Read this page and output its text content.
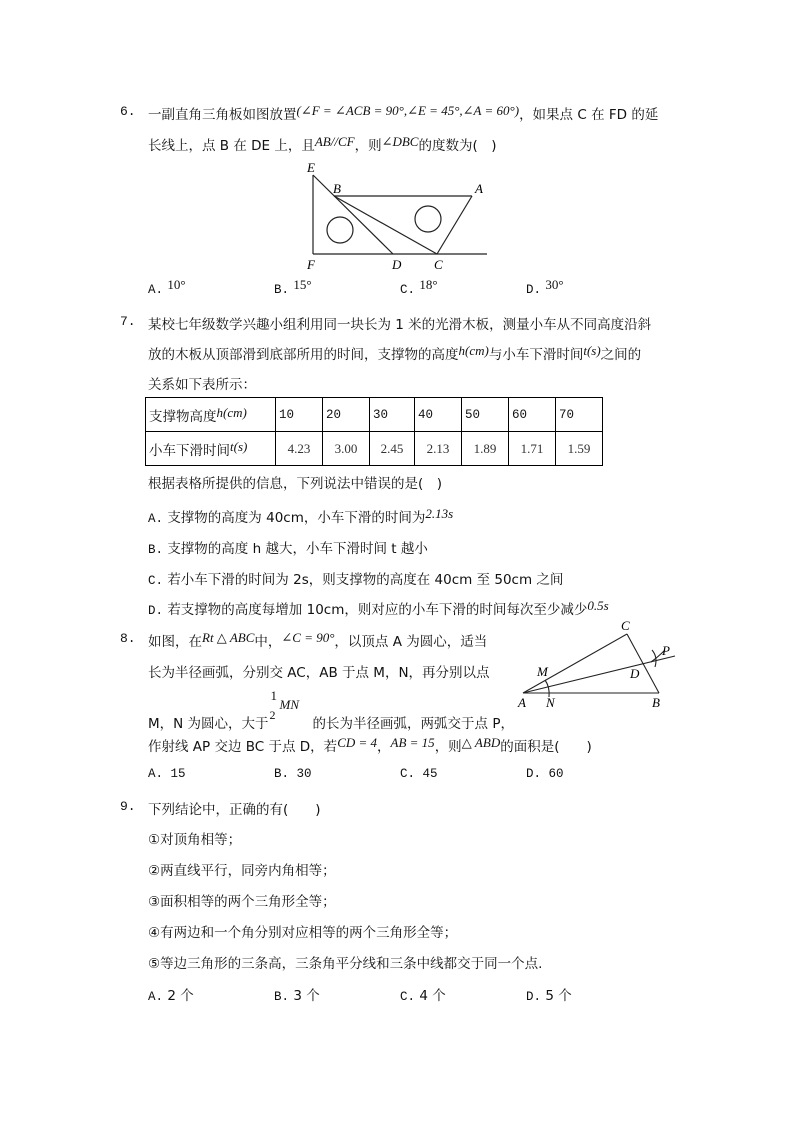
6. 一副直角三角板如图放置(∠F = ∠ACB = 90°,∠E = 45°,∠A = 60°)，如果点 C 在 FD 的延
长线上，点 B 在 DE 上，且AB//CF，则∠DBC的度数为(　)
E
B	A
F	D	C
A. 10°	B. 15°	C. 18°	D. 30°
7. 某校七年级数学兴趣小组利用同一块长为 1 米的光滑木板，测量小车从不同高度沿斜
放的木板从顶部滑到底部所用的时间，支撑物的高度h(cm)与小车下滑时间t(s)之间的
关系如下表所示：
支撑物高度h(cm)	10	20	30	40	50	60	70
小车下滑时间t(s)	4.23	3.00	2.45	2.13	1.89	1.71	1.59
根据表格所提供的信息，下列说法中错误的是(　)
A. 支撑物的高度为 40cm，小车下滑的时间为2.13s
B. 支撑物的高度 h 越大，小车下滑时间 t 越小
C. 若小车下滑的时间为 2s，则支撑物的高度在 40cm 至 50cm 之间
D. 若支撑物的高度每增加 10cm，则对应的小车下滑的时间每次至少减少0.5s
8. 如图，在Rt △ ABC中，∠C = 90°，以顶点 A 为圆心，适当
长为半径画弧，分别交 AC，AB 于点 M，N，再分别以点
M，N 为圆心，大于
1
2
MN
的长为半径画弧，两弧交于点 P，
作射线 AP 交边 BC 于点 D，若CD = 4，AB = 15，则△ ABD的面积是(　　)
C
P
M	D
A N	B
A. 15	B. 30	C. 45	D. 60
9. 下列结论中，正确的有(　　)
①对顶角相等；
②两直线平行，同旁内角相等；
③面积相等的两个三角形全等；
④有两边和一个角分别对应相等的两个三角形全等；
⑤等边三角形的三条高，三条角平分线和三条中线都交于同一个点.
A. 2 个	B. 3 个	C. 4 个	D. 5 个
